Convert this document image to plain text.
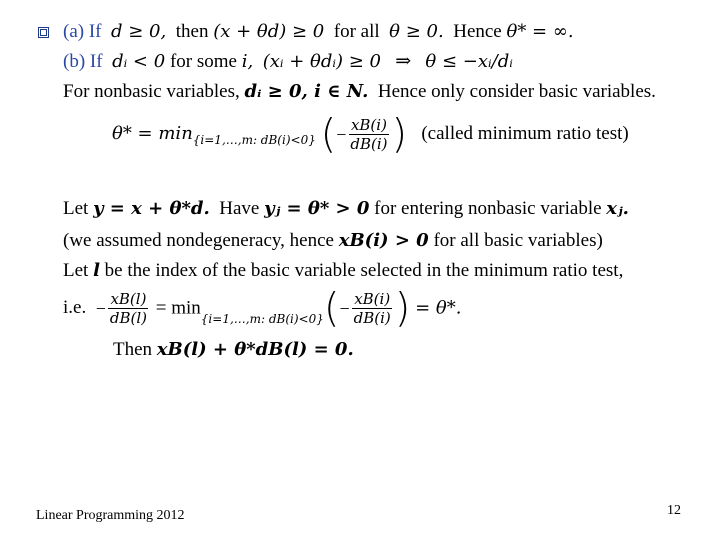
(a) If d ≥ 0, then (x + θd) ≥ 0 for all θ ≥ 0. Hence θ* = ∞.
(b) If dᵢ < 0 for some i, (xᵢ + θdᵢ) ≥ 0 ⇒ θ ≤ −xᵢ/dᵢ
For nonbasic variables, dᵢ ≥ 0, i ∈ N. Hence only consider basic variables.
$\theta* = \min_{\{i=1,\dots,m: dB(i)<0\}}$ (− $\frac{xB(i)}{dB(i)}$ ) (called minimum ratio test)
Let y = x + θ*d. Have yⱼ = θ* > 0 for entering nonbasic variable xⱼ.
(we assumed nondegeneracy, hence xB(i) > 0 for all basic variables)
Let l be the index of the basic variable selected in the minimum ratio test,
i.e. − $\frac{xB(l)}{dB(l)} = \min_{\{i=1,\dots,m: dB(i)<0\}}(- \frac{xB(i)}{dB(i)}$ ) = θ*.
Then xB(l) + θ*dB(l) = 0.
Linear Programming 2012	12
